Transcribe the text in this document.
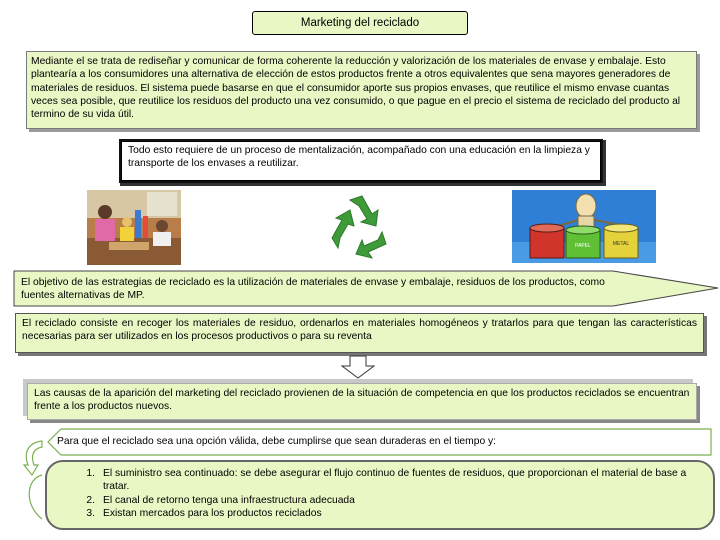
Marketing del reciclado
Mediante el se trata de rediseñar y comunicar de forma coherente la reducción y valorización de los materiales de envase y embalaje. Esto plantearía a los consumidores una alternativa de elección de estos productos frente a otros equivalentes que sena mayores generadores de materiales de residuos. El sistema puede basarse en que el consumidor aporte sus propios envases, que reutilice el mismo envase cuantas veces sea posible, que reutilice los residuos del producto una vez consumido, o que pague en el precio el sistema de reciclado del producto al termino de su vida útil.
Todo esto requiere de un proceso de mentalización, acompañado con una educación en la limpieza y transporte de los envases a reutilizar.
PAPEL	METAL
El objetivo de las estrategias de reciclado es la utilización de materiales de envase y embalaje, residuos de los productos, como fuentes alternativas de MP.
El reciclado consiste en recoger los materiales de residuo, ordenarlos en materiales homogéneos y tratarlos para que tengan las características necesarias para ser utilizados en los procesos productivos o para su reventa
Las causas de la aparición del marketing del reciclado provienen de la situación de competencia en que los productos reciclados se encuentran frente a los productos nuevos.
Para que el reciclado sea una opción válida, debe cumplirse que sean duraderas en el tiempo y:
1. El suministro sea continuado: se debe asegurar el flujo continuo de fuentes de residuos, que proporcionan el material de base a tratar.
2. El canal de retorno tenga una infraestructura adecuada
3. Existan mercados para los productos reciclados
